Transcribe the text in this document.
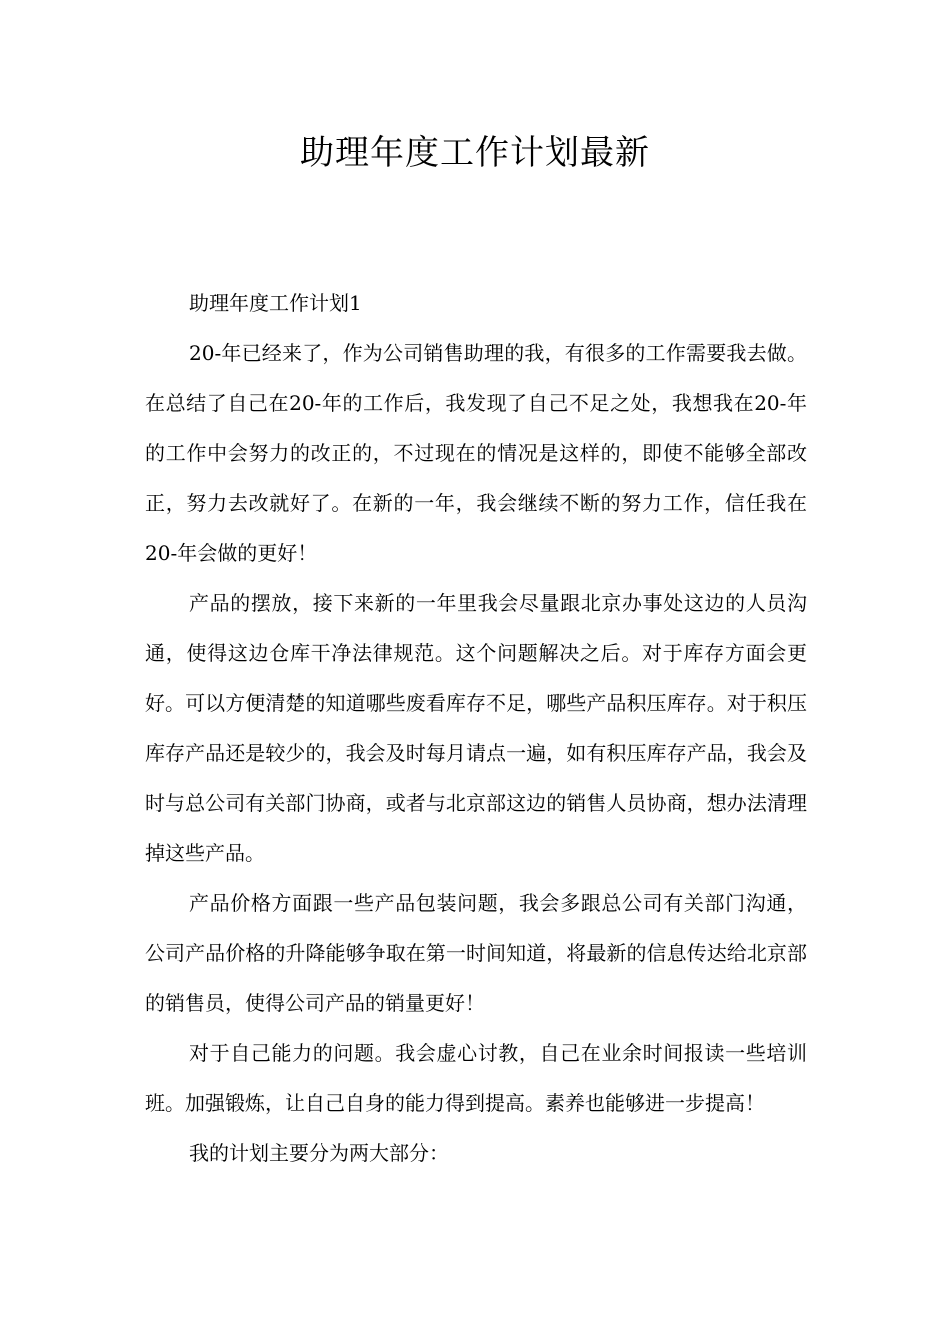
助理年度工作计划最新

助理年度工作计划1

20-年已经来了，作为公司销售助理的我，有很多的工作需要我去做。在总结了自己在20-年的工作后，我发现了自己不足之处，我想我在20-年的工作中会努力的改正的，不过现在的情况是这样的，即使不能够全部改正，努力去改就好了。在新的一年，我会继续不断的努力工作，信任我在20-年会做的更好！

产品的摆放，接下来新的一年里我会尽量跟北京办事处这边的人员沟通，使得这边仓库干净法律规范。这个问题解决之后。对于库存方面会更好。可以方便清楚的知道哪些废看库存不足，哪些产品积压库存。对于积压库存产品还是较少的，我会及时每月请点一遍，如有积压库存产品，我会及时与总公司有关部门协商，或者与北京部这边的销售人员协商，想办法清理掉这些产品。

产品价格方面跟一些产品包装问题，我会多跟总公司有关部门沟通，公司产品价格的升降能够争取在第一时间知道，将最新的信息传达给北京部的销售员，使得公司产品的销量更好！

对于自己能力的问题。我会虚心讨教，自己在业余时间报读一些培训班。加强锻炼，让自己自身的能力得到提高。素养也能够进一步提高！

我的计划主要分为两大部分：
